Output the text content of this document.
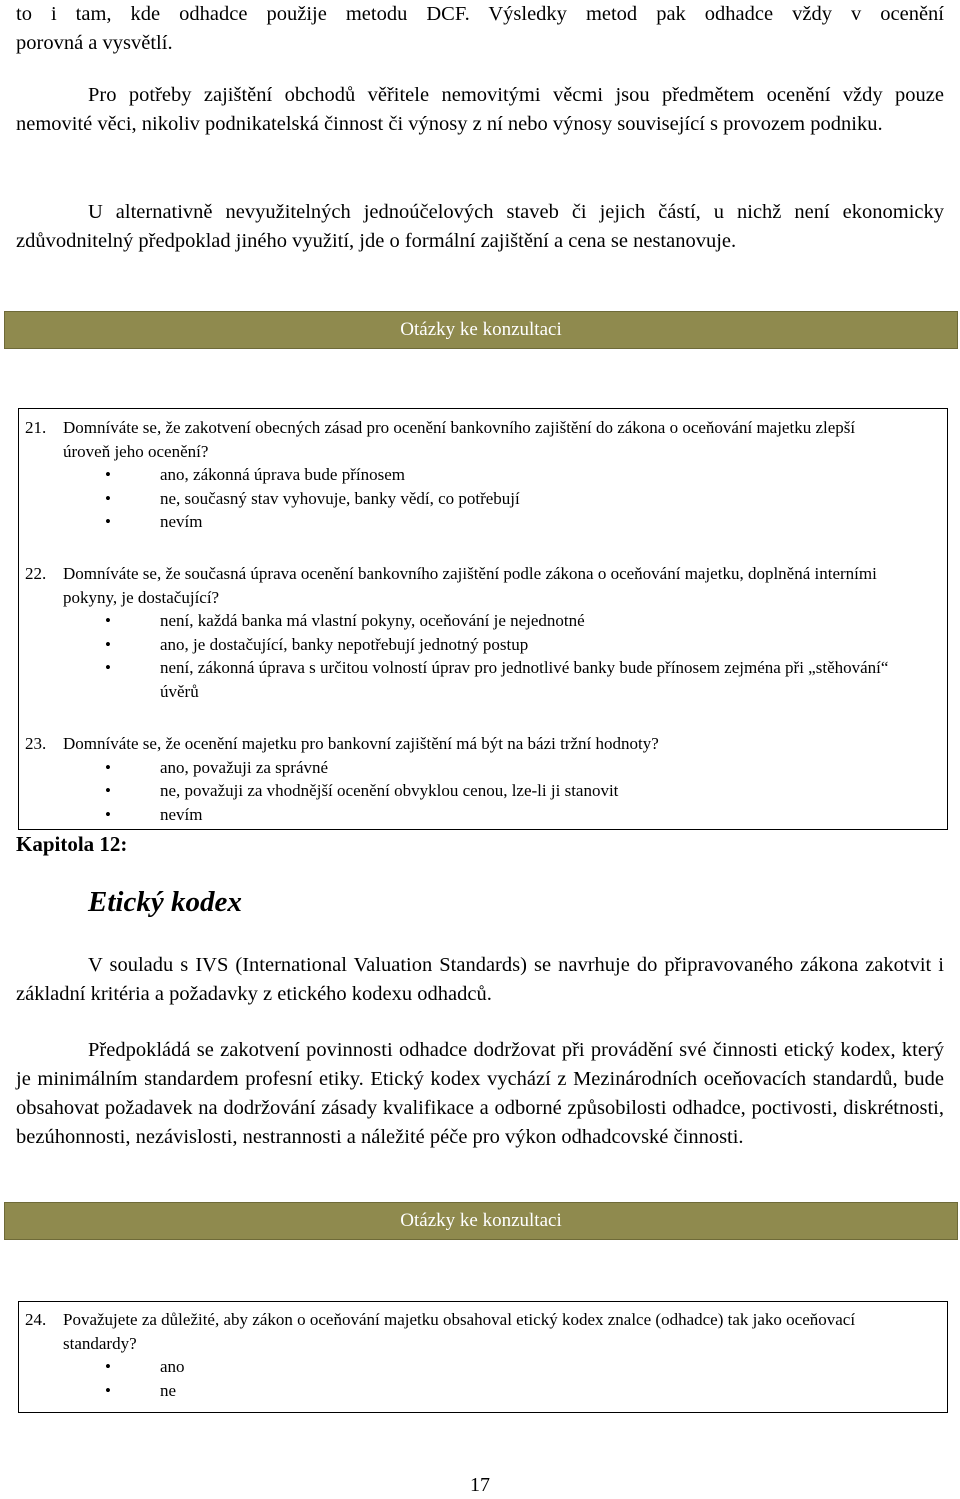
to i tam, kde odhadce použije metodu DCF. Výsledky metod pak odhadce vždy v ocenění
porovná a vysvětlí.

Pro potřeby zajištění obchodů věřitele nemovitými věcmi jsou předmětem ocenění vždy pouze nemovité věci, nikoliv podnikatelská činnost či výnosy z ní nebo výnosy související s provozem podniku.

U alternativně nevyužitelných jednoúčelových staveb či jejich částí, u nichž není ekonomicky zdůvodnitelný předpoklad jiného využití, jde o formální zajištění a cena se nestanovuje.

Otázky ke konzultaci
21. Domníváte se, že zakotvení obecných zásad pro ocenění bankovního zajištění do zákona o oceňování majetku zlepší úroveň jeho ocenění?
•	ano, zákonná úprava bude přínosem
•	ne, současný stav vyhovuje, banky vědí, co potřebují
•	nevím
22. Domníváte se, že současná úprava ocenění bankovního zajištění podle zákona o oceňování majetku, doplněná interními pokyny, je dostačující?
•	není, každá banka má vlastní pokyny, oceňování je nejednotné
•	ano, je dostačující, banky nepotřebují jednotný postup
•	není, zákonná úprava s určitou volností úprav pro jednotlivé banky bude přínosem zejména při „stěhování“ úvěrů
23. Domníváte se, že ocenění majetku pro bankovní zajištění má být na bázi tržní hodnoty?
•	ano, považuji za správné
•	ne, považuji za vhodnější ocenění obvyklou cenou, lze-li ji stanovit
•	nevím
Kapitola 12:
Etický kodex

V souladu s IVS (International Valuation Standards) se navrhuje do připravovaného zákona zakotvit i základní kritéria a požadavky z etického kodexu odhadců.

Předpokládá se zakotvení povinnosti odhadce dodržovat při provádění své činnosti etický kodex, který je minimálním standardem profesní etiky. Etický kodex vychází z Mezinárodních oceňovacích standardů, bude obsahovat požadavek na dodržování zásady kvalifikace a odborné způsobilosti odhadce, poctivosti, diskrétnosti, bezúhonnosti, nezávislosti, nestrannosti a náležité péče pro výkon odhadcovské činnosti.

Otázky ke konzultaci
24. Považujete za důležité, aby zákon o oceňování majetku obsahoval etický kodex znalce (odhadce) tak jako oceňovací standardy?
•	ano
•	ne
17
